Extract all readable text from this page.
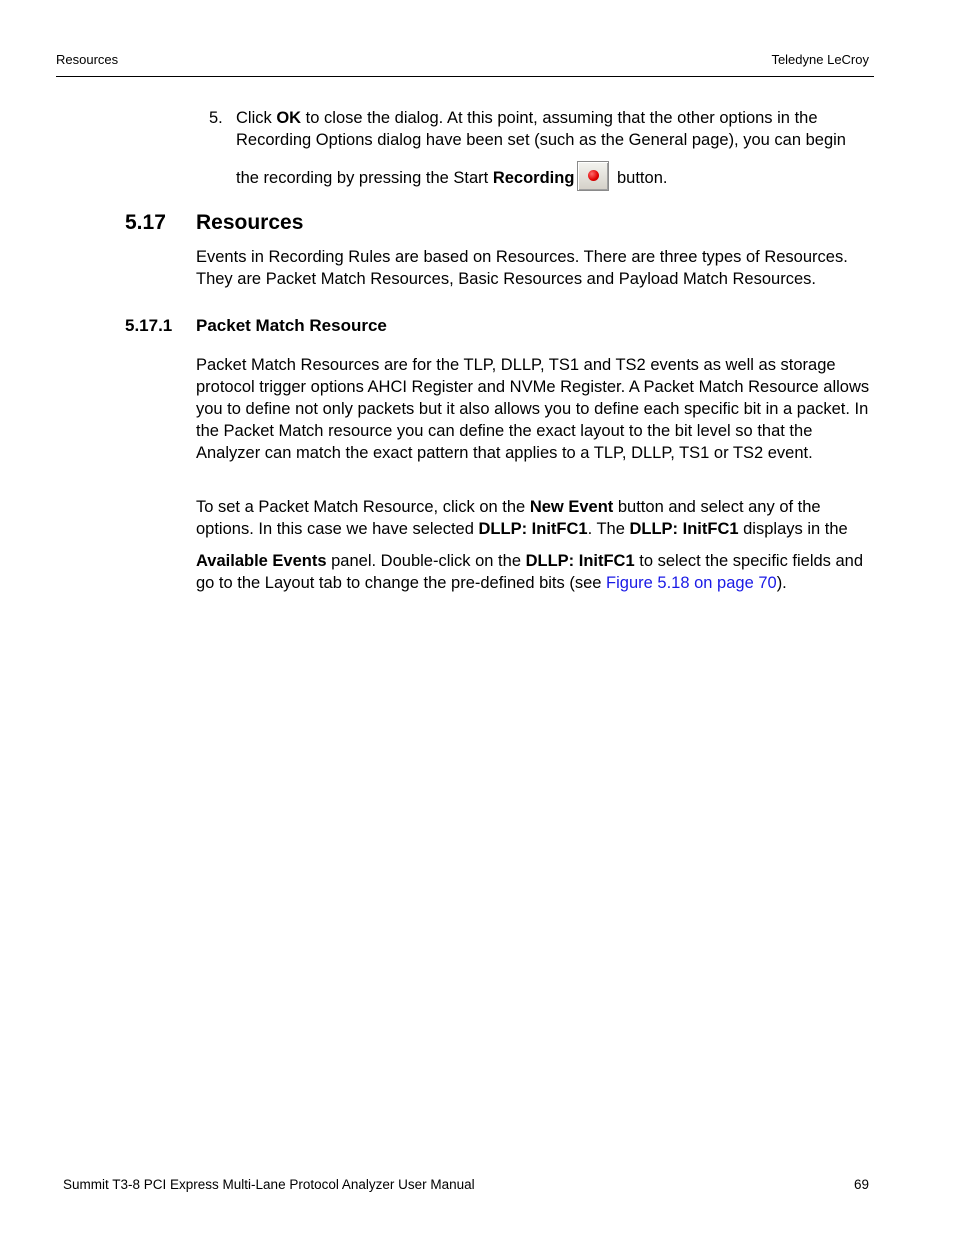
Resources	Teledyne LeCroy
5. Click OK to close the dialog. At this point, assuming that the other options in the Recording Options dialog have been set (such as the General page), you can begin
the recording by pressing the Start Recording
button.
5.17 Resources
Events in Recording Rules are based on Resources. There are three types of Resources. They are Packet Match Resources, Basic Resources and Payload Match Resources.
5.17.1 Packet Match Resource
Packet Match Resources are for the TLP, DLLP, TS1 and TS2 events as well as storage protocol trigger options AHCI Register and NVMe Register. A Packet Match Resource allows you to define not only packets but it also allows you to define each specific bit in a packet. In the Packet Match resource you can define the exact layout to the bit level so that the Analyzer can match the exact pattern that applies to a TLP, DLLP, TS1 or TS2 event.
To set a Packet Match Resource, click on the New Event button and select any of the options. In this case we have selected DLLP: InitFC1. The DLLP: InitFC1 displays in the
Available Events panel. Double-click on the DLLP: InitFC1 to select the specific fields and go to the Layout tab to change the pre-defined bits (see Figure 5.18 on page 70).
Summit T3-8 PCI Express Multi-Lane Protocol Analyzer User Manual	69
